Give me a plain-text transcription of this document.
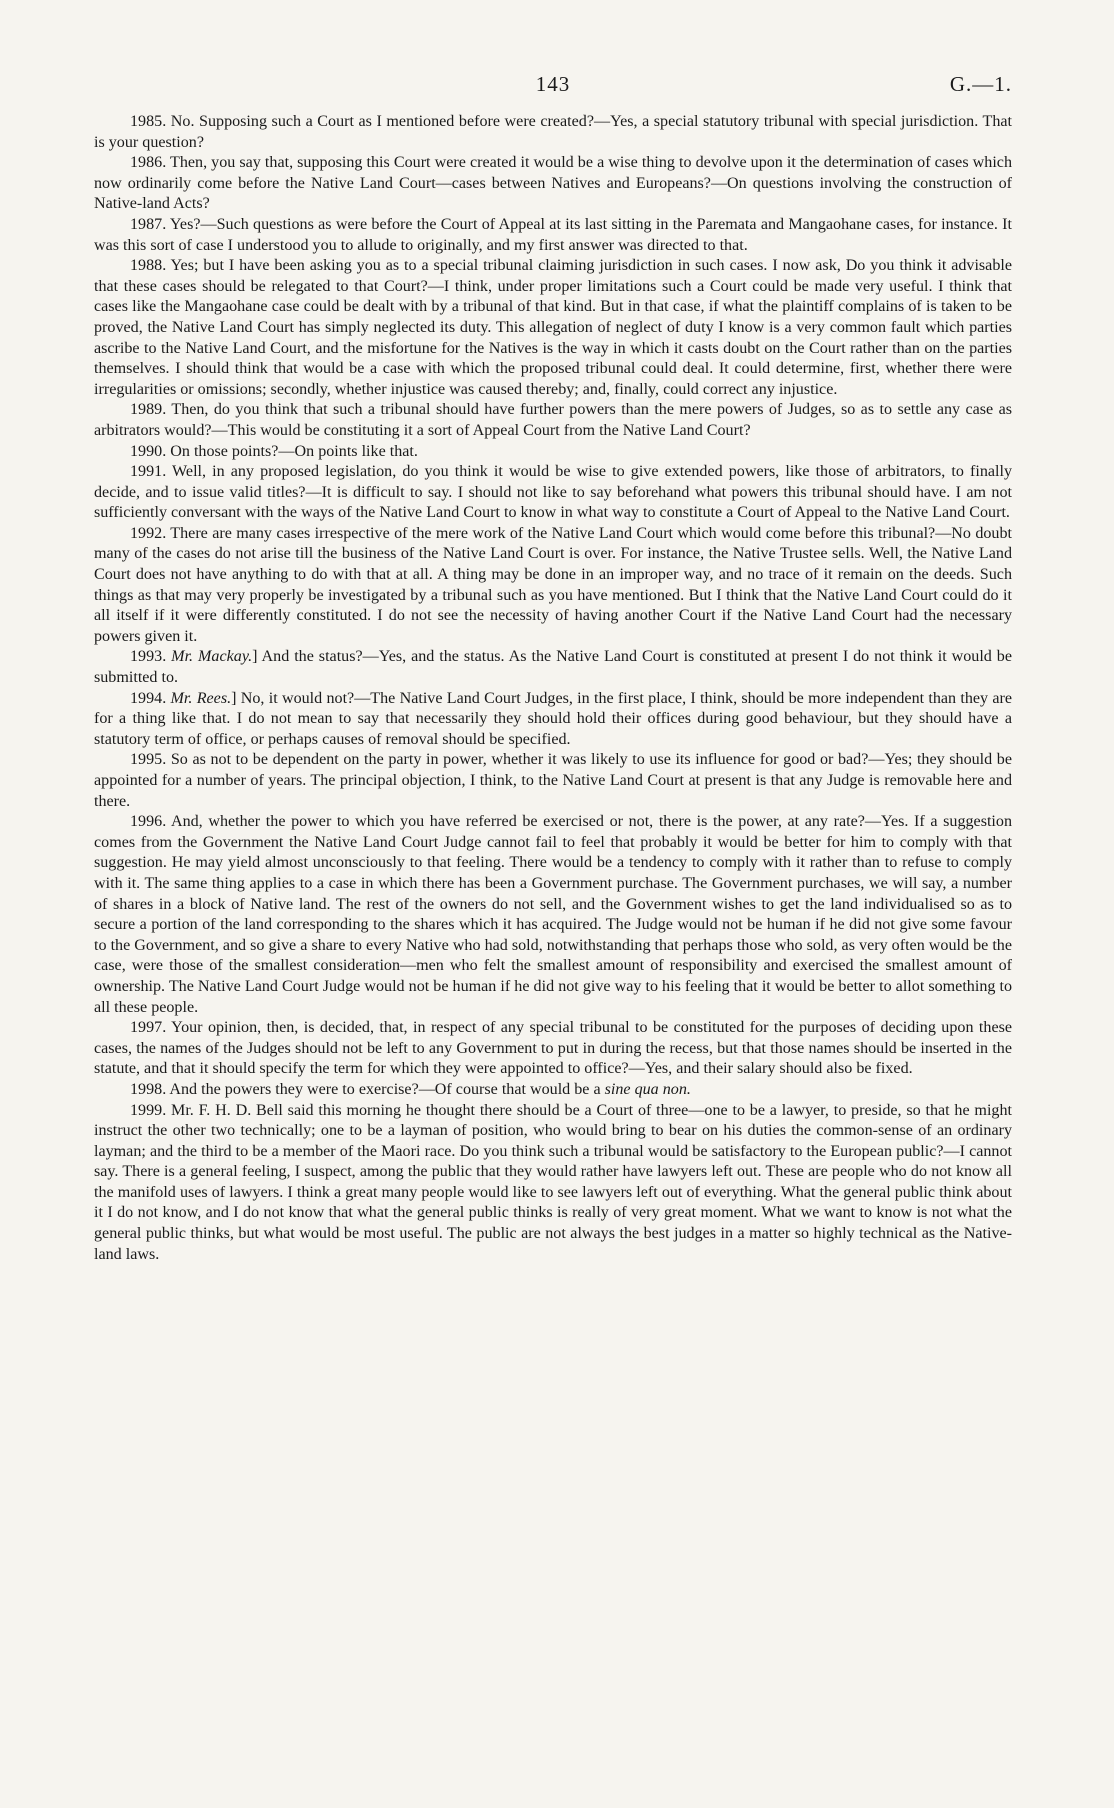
143	G.—1.

1985. No. Supposing such a Court as I mentioned before were created?—Yes, a special statutory tribunal with special jurisdiction. That is your question?

1986. Then, you say that, supposing this Court were created it would be a wise thing to devolve upon it the determination of cases which now ordinarily come before the Native Land Court—cases between Natives and Europeans?—On questions involving the construction of Native-land Acts?

1987. Yes?—Such questions as were before the Court of Appeal at its last sitting in the Paremata and Mangaohane cases, for instance. It was this sort of case I understood you to allude to originally, and my first answer was directed to that.

1988. Yes; but I have been asking you as to a special tribunal claiming jurisdiction in such cases. I now ask, Do you think it advisable that these cases should be relegated to that Court?—I think, under proper limitations such a Court could be made very useful. I think that cases like the Mangaohane case could be dealt with by a tribunal of that kind. But in that case, if what the plaintiff complains of is taken to be proved, the Native Land Court has simply neglected its duty. This allegation of neglect of duty I know is a very common fault which parties ascribe to the Native Land Court, and the misfortune for the Natives is the way in which it casts doubt on the Court rather than on the parties themselves. I should think that would be a case with which the proposed tribunal could deal. It could determine, first, whether there were irregularities or omissions; secondly, whether injustice was caused thereby; and, finally, could correct any injustice.

1989. Then, do you think that such a tribunal should have further powers than the mere powers of Judges, so as to settle any case as arbitrators would?—This would be constituting it a sort of Appeal Court from the Native Land Court?

1990. On those points?—On points like that.

1991. Well, in any proposed legislation, do you think it would be wise to give extended powers, like those of arbitrators, to finally decide, and to issue valid titles?—It is difficult to say. I should not like to say beforehand what powers this tribunal should have. I am not sufficiently conversant with the ways of the Native Land Court to know in what way to constitute a Court of Appeal to the Native Land Court.

1992. There are many cases irrespective of the mere work of the Native Land Court which would come before this tribunal?—No doubt many of the cases do not arise till the business of the Native Land Court is over. For instance, the Native Trustee sells. Well, the Native Land Court does not have anything to do with that at all. A thing may be done in an improper way, and no trace of it remain on the deeds. Such things as that may very properly be investigated by a tribunal such as you have mentioned. But I think that the Native Land Court could do it all itself if it were differently constituted. I do not see the necessity of having another Court if the Native Land Court had the necessary powers given it.

1993. Mr. Mackay.] And the status?—Yes, and the status. As the Native Land Court is constituted at present I do not think it would be submitted to.

1994. Mr. Rees.] No, it would not?—The Native Land Court Judges, in the first place, I think, should be more independent than they are for a thing like that. I do not mean to say that necessarily they should hold their offices during good behaviour, but they should have a statutory term of office, or perhaps causes of removal should be specified.

1995. So as not to be dependent on the party in power, whether it was likely to use its influence for good or bad?—Yes; they should be appointed for a number of years. The principal objection, I think, to the Native Land Court at present is that any Judge is removable here and there.

1996. And, whether the power to which you have referred be exercised or not, there is the power, at any rate?—Yes. If a suggestion comes from the Government the Native Land Court Judge cannot fail to feel that probably it would be better for him to comply with that suggestion. He may yield almost unconsciously to that feeling. There would be a tendency to comply with it rather than to refuse to comply with it. The same thing applies to a case in which there has been a Government purchase. The Government purchases, we will say, a number of shares in a block of Native land. The rest of the owners do not sell, and the Government wishes to get the land individualised so as to secure a portion of the land corresponding to the shares which it has acquired. The Judge would not be human if he did not give some favour to the Government, and so give a share to every Native who had sold, notwithstanding that perhaps those who sold, as very often would be the case, were those of the smallest consideration—men who felt the smallest amount of responsibility and exercised the smallest amount of ownership. The Native Land Court Judge would not be human if he did not give way to his feeling that it would be better to allot something to all these people.

1997. Your opinion, then, is decided, that, in respect of any special tribunal to be constituted for the purposes of deciding upon these cases, the names of the Judges should not be left to any Government to put in during the recess, but that those names should be inserted in the statute, and that it should specify the term for which they were appointed to office?—Yes, and their salary should also be fixed.

1998. And the powers they were to exercise?—Of course that would be a sine qua non.

1999. Mr. F. H. D. Bell said this morning he thought there should be a Court of three—one to be a lawyer, to preside, so that he might instruct the other two technically; one to be a layman of position, who would bring to bear on his duties the common-sense of an ordinary layman; and the third to be a member of the Maori race. Do you think such a tribunal would be satisfactory to the European public?—I cannot say. There is a general feeling, I suspect, among the public that they would rather have lawyers left out. These are people who do not know all the manifold uses of lawyers. I think a great many people would like to see lawyers left out of everything. What the general public think about it I do not know, and I do not know that what the general public thinks is really of very great moment. What we want to know is not what the general public thinks, but what would be most useful. The public are not always the best judges in a matter so highly technical as the Native-land laws.
